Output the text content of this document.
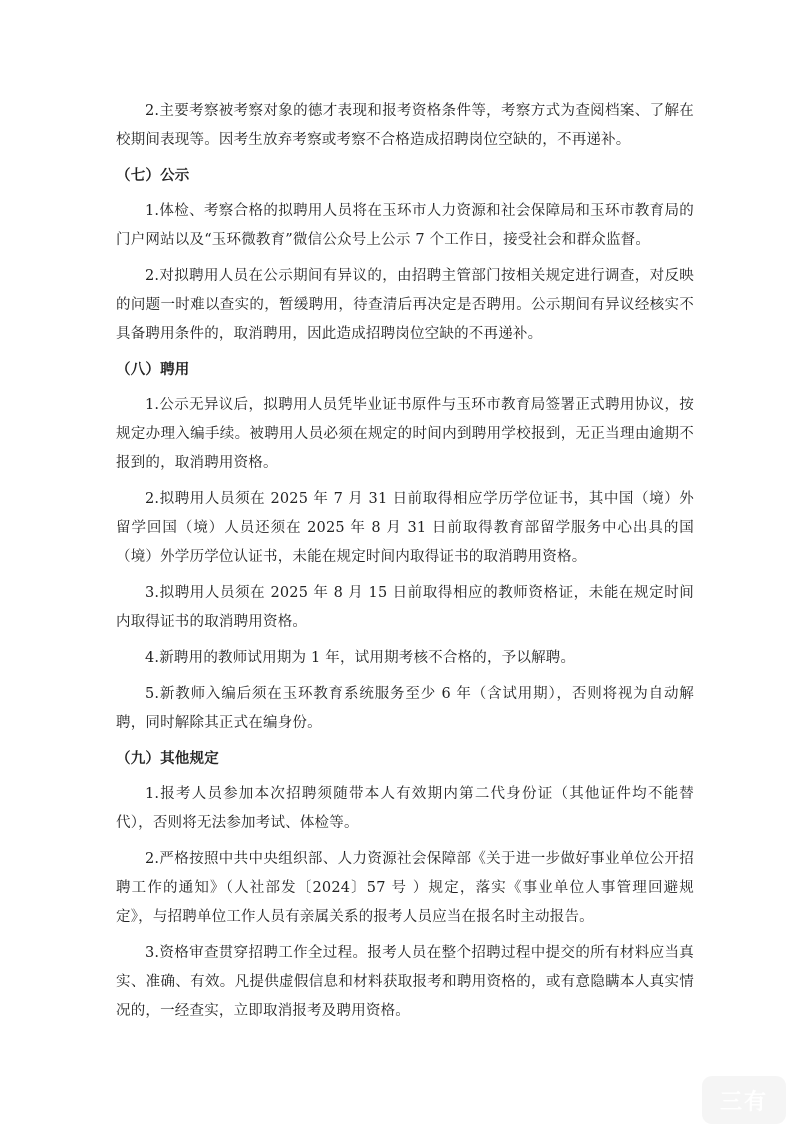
2.主要考察被考察对象的德才表现和报考资格条件等，考察方式为查阅档案、了解在校期间表现等。因考生放弃考察或考察不合格造成招聘岗位空缺的，不再递补。

（七）公示

1.体检、考察合格的拟聘用人员将在玉环市人力资源和社会保障局和玉环市教育局的门户网站以及“玉环微教育”微信公众号上公示 7 个工作日，接受社会和群众监督。

2.对拟聘用人员在公示期间有异议的，由招聘主管部门按相关规定进行调查，对反映的问题一时难以查实的，暂缓聘用，待查清后再决定是否聘用。公示期间有异议经核实不具备聘用条件的，取消聘用，因此造成招聘岗位空缺的不再递补。

（八）聘用

1.公示无异议后，拟聘用人员凭毕业证书原件与玉环市教育局签署正式聘用协议，按规定办理入编手续。被聘用人员必须在规定的时间内到聘用学校报到，无正当理由逾期不报到的，取消聘用资格。

2.拟聘用人员须在 2025 年 7 月 31 日前取得相应学历学位证书，其中国（境）外留学回国（境）人员还须在 2025 年 8 月 31 日前取得教育部留学服务中心出具的国（境）外学历学位认证书，未能在规定时间内取得证书的取消聘用资格。

3.拟聘用人员须在 2025 年 8 月 15 日前取得相应的教师资格证，未能在规定时间内取得证书的取消聘用资格。

4.新聘用的教师试用期为 1 年，试用期考核不合格的，予以解聘。

5.新教师入编后须在玉环教育系统服务至少 6 年（含试用期），否则将视为自动解聘，同时解除其正式在编身份。

（九）其他规定

1.报考人员参加本次招聘须随带本人有效期内第二代身份证（其他证件均不能替代），否则将无法参加考试、体检等。

2.严格按照中共中央组织部、人力资源社会保障部《关于进一步做好事业单位公开招聘工作的通知》（人社部发〔2024〕57 号 ）规定，落实《事业单位人事管理回避规定》，与招聘单位工作人员有亲属关系的报考人员应当在报名时主动报告。

3.资格审查贯穿招聘工作全过程。报考人员在整个招聘过程中提交的所有材料应当真实、准确、有效。凡提供虚假信息和材料获取报考和聘用资格的，或有意隐瞒本人真实情况的，一经查实，立即取消报考及聘用资格。

三有
